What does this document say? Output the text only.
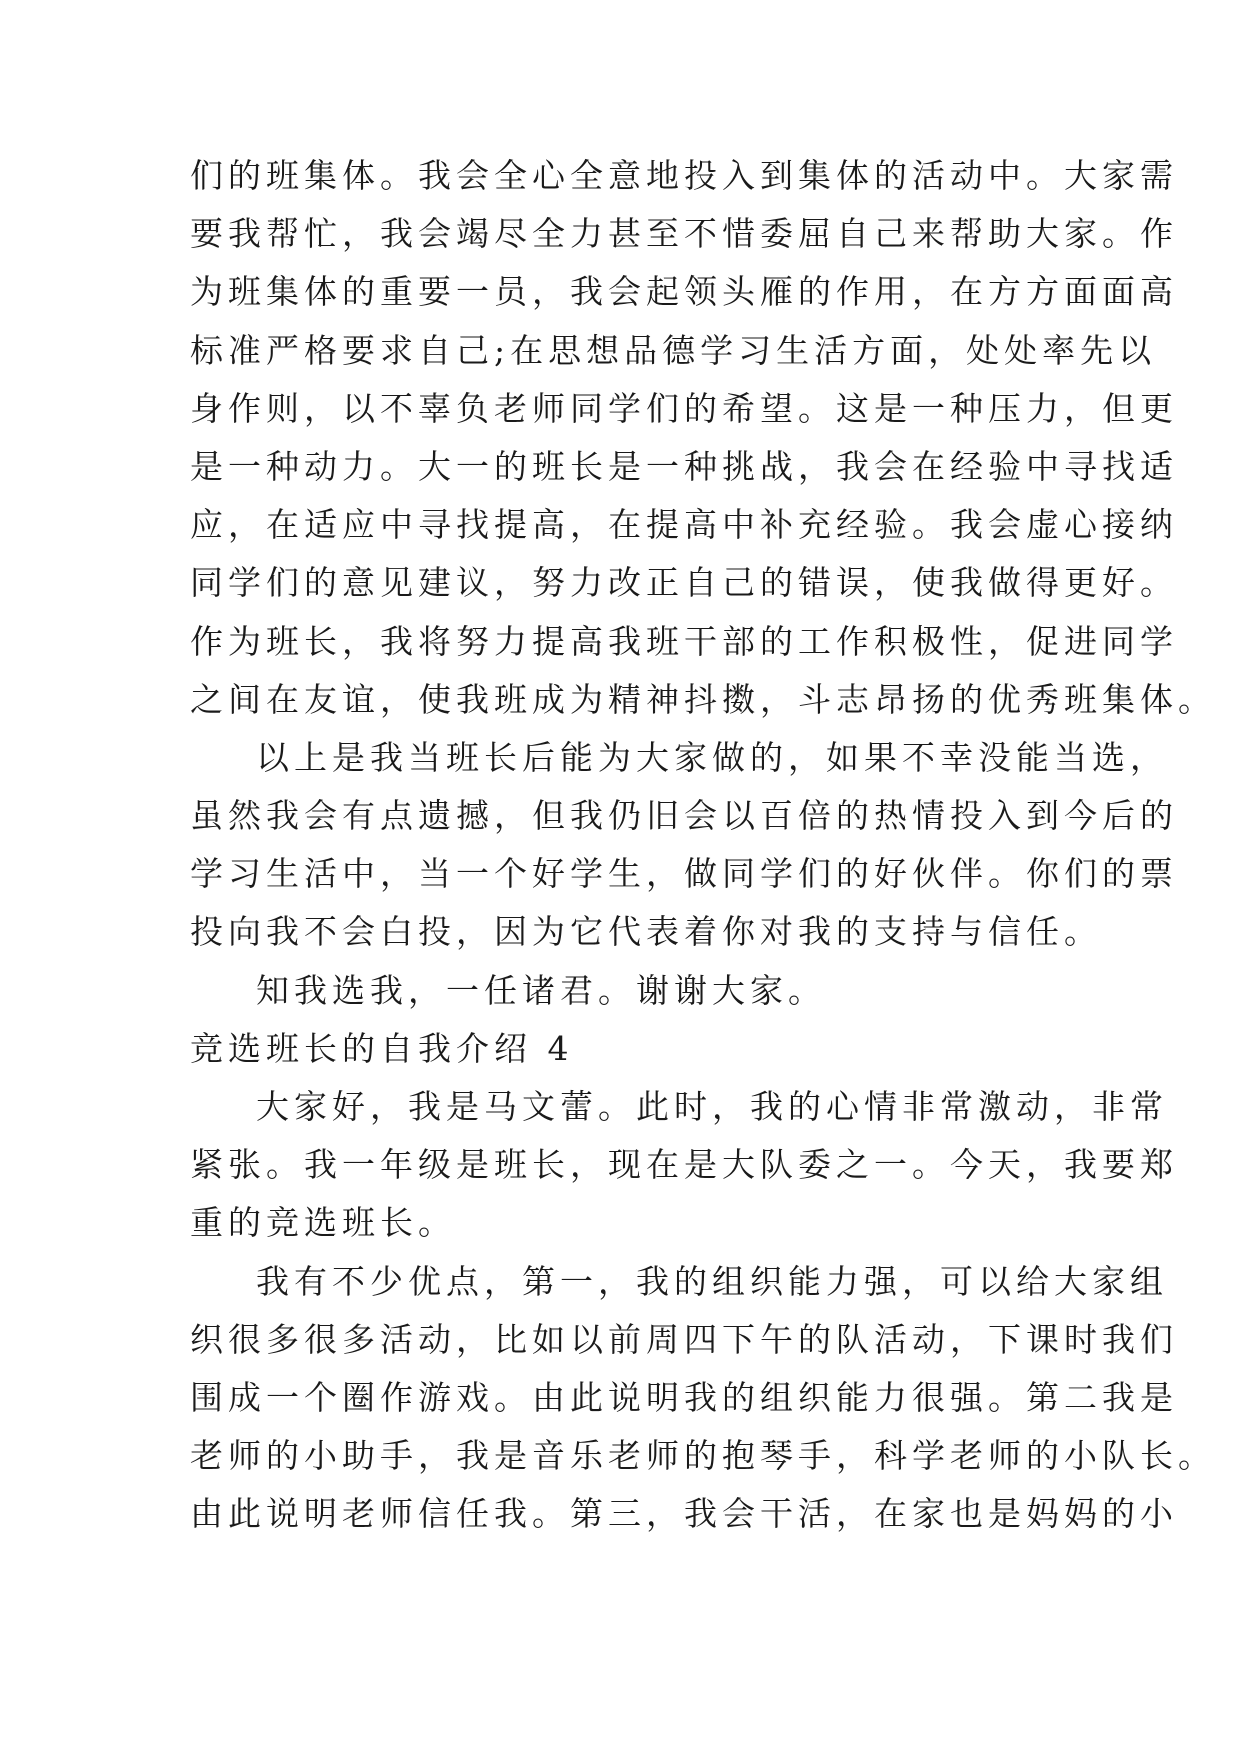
们的班集体。我会全心全意地投入到集体的活动中。大家需
要我帮忙，我会竭尽全力甚至不惜委屈自己来帮助大家。作
为班集体的重要一员，我会起领头雁的作用，在方方面面高
标准严格要求自己;在思想品德学习生活方面，处处率先以
身作则，以不辜负老师同学们的希望。这是一种压力，但更
是一种动力。大一的班长是一种挑战，我会在经验中寻找适
应，在适应中寻找提高，在提高中补充经验。我会虚心接纳
同学们的意见建议，努力改正自己的错误，使我做得更好。
作为班长，我将努力提高我班干部的工作积极性，促进同学
之间在友谊，使我班成为精神抖擞，斗志昂扬的优秀班集体。
以上是我当班长后能为大家做的，如果不幸没能当选，
虽然我会有点遗撼，但我仍旧会以百倍的热情投入到今后的
学习生活中，当一个好学生，做同学们的好伙伴。你们的票
投向我不会白投，因为它代表着你对我的支持与信任。
知我选我，一任诸君。谢谢大家。
竞选班长的自我介绍 4
大家好，我是马文蕾。此时，我的心情非常激动，非常
紧张。我一年级是班长，现在是大队委之一。今天，我要郑
重的竞选班长。
我有不少优点，第一，我的组织能力强，可以给大家组
织很多很多活动，比如以前周四下午的队活动，下课时我们
围成一个圈作游戏。由此说明我的组织能力很强。第二我是
老师的小助手，我是音乐老师的抱琴手，科学老师的小队长。
由此说明老师信任我。第三，我会干活，在家也是妈妈的小
